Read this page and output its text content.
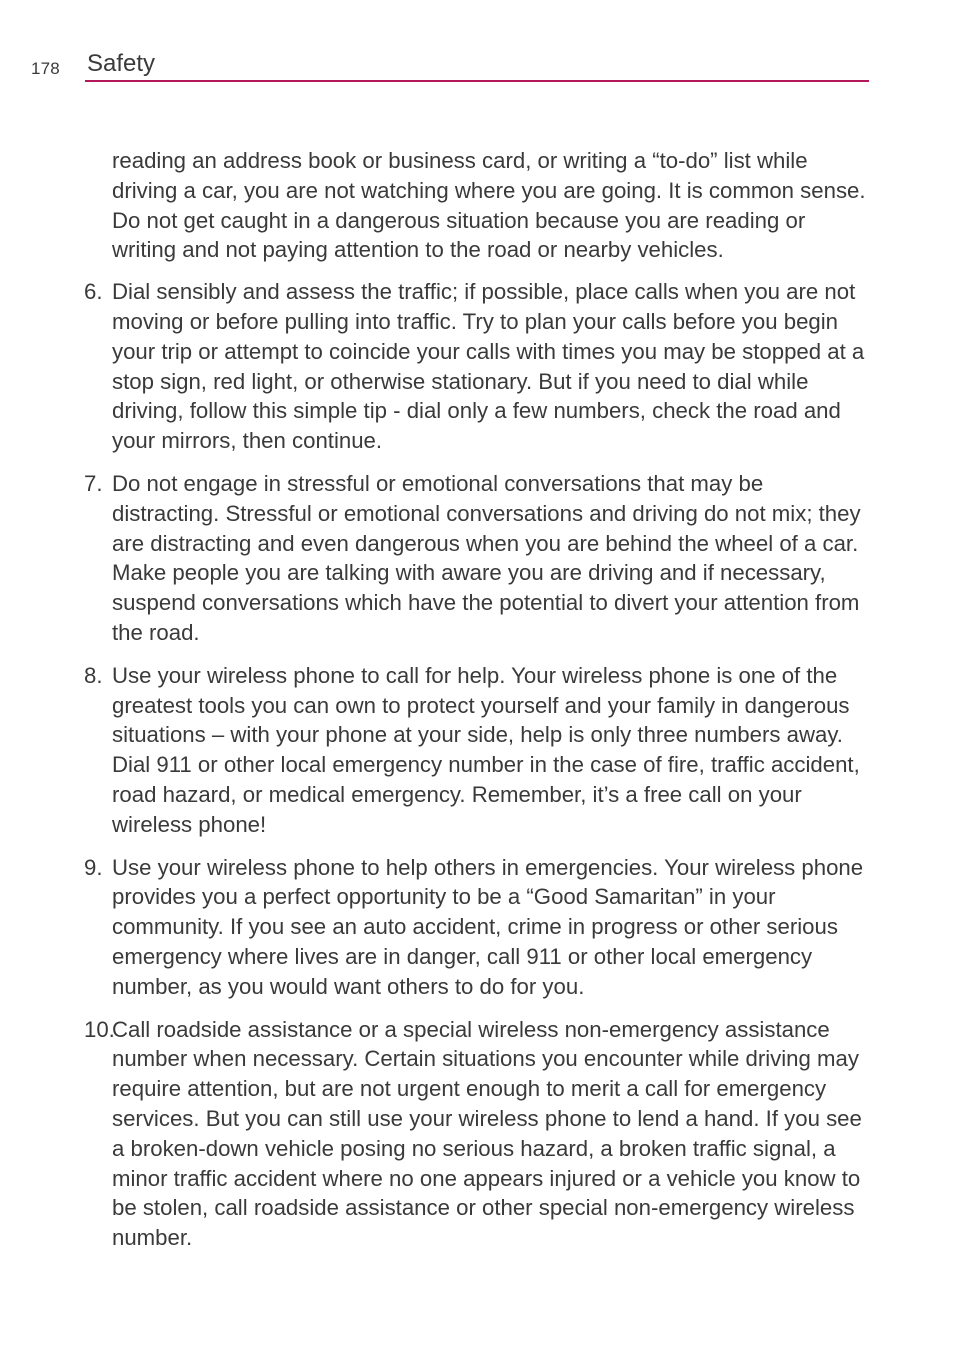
178 Safety

reading an address book or business card, or writing a “to-do” list while driving a car, you are not watching where you are going. It is common sense. Do not get caught in a dangerous situation because you are reading or writing and not paying attention to the road or nearby vehicles.

6. Dial sensibly and assess the traffic; if possible, place calls when you are not moving or before pulling into traffic. Try to plan your calls before you begin your trip or attempt to coincide your calls with times you may be stopped at a stop sign, red light, or otherwise stationary. But if you need to dial while driving, follow this simple tip - dial only a few numbers, check the road and your mirrors, then continue.
7. Do not engage in stressful or emotional conversations that may be distracting. Stressful or emotional conversations and driving do not mix; they are distracting and even dangerous when you are behind the wheel of a car. Make people you are talking with aware you are driving and if necessary, suspend conversations which have the potential to divert your attention from the road.
8. Use your wireless phone to call for help. Your wireless phone is one of the greatest tools you can own to protect yourself and your family in dangerous situations – with your phone at your side, help is only three numbers away. Dial 911 or other local emergency number in the case of fire, traffic accident, road hazard, or medical emergency. Remember, it’s a free call on your wireless phone!
9. Use your wireless phone to help others in emergencies. Your wireless phone provides you a perfect opportunity to be a “Good Samaritan” in your community. If you see an auto accident, crime in progress or other serious emergency where lives are in danger, call 911 or other local emergency number, as you would want others to do for you.
10.
Call roadside assistance or a special wireless non-emergency assistance number when necessary. Certain situations you encounter while driving may require attention, but are not urgent enough to merit a call for emergency services. But you can still use your wireless phone to lend a hand. If you see a broken-down vehicle posing no serious hazard, a broken traffic signal, a minor traffic accident where no one appears injured or a vehicle you know to be stolen, call roadside assistance or other special non-emergency wireless number.
